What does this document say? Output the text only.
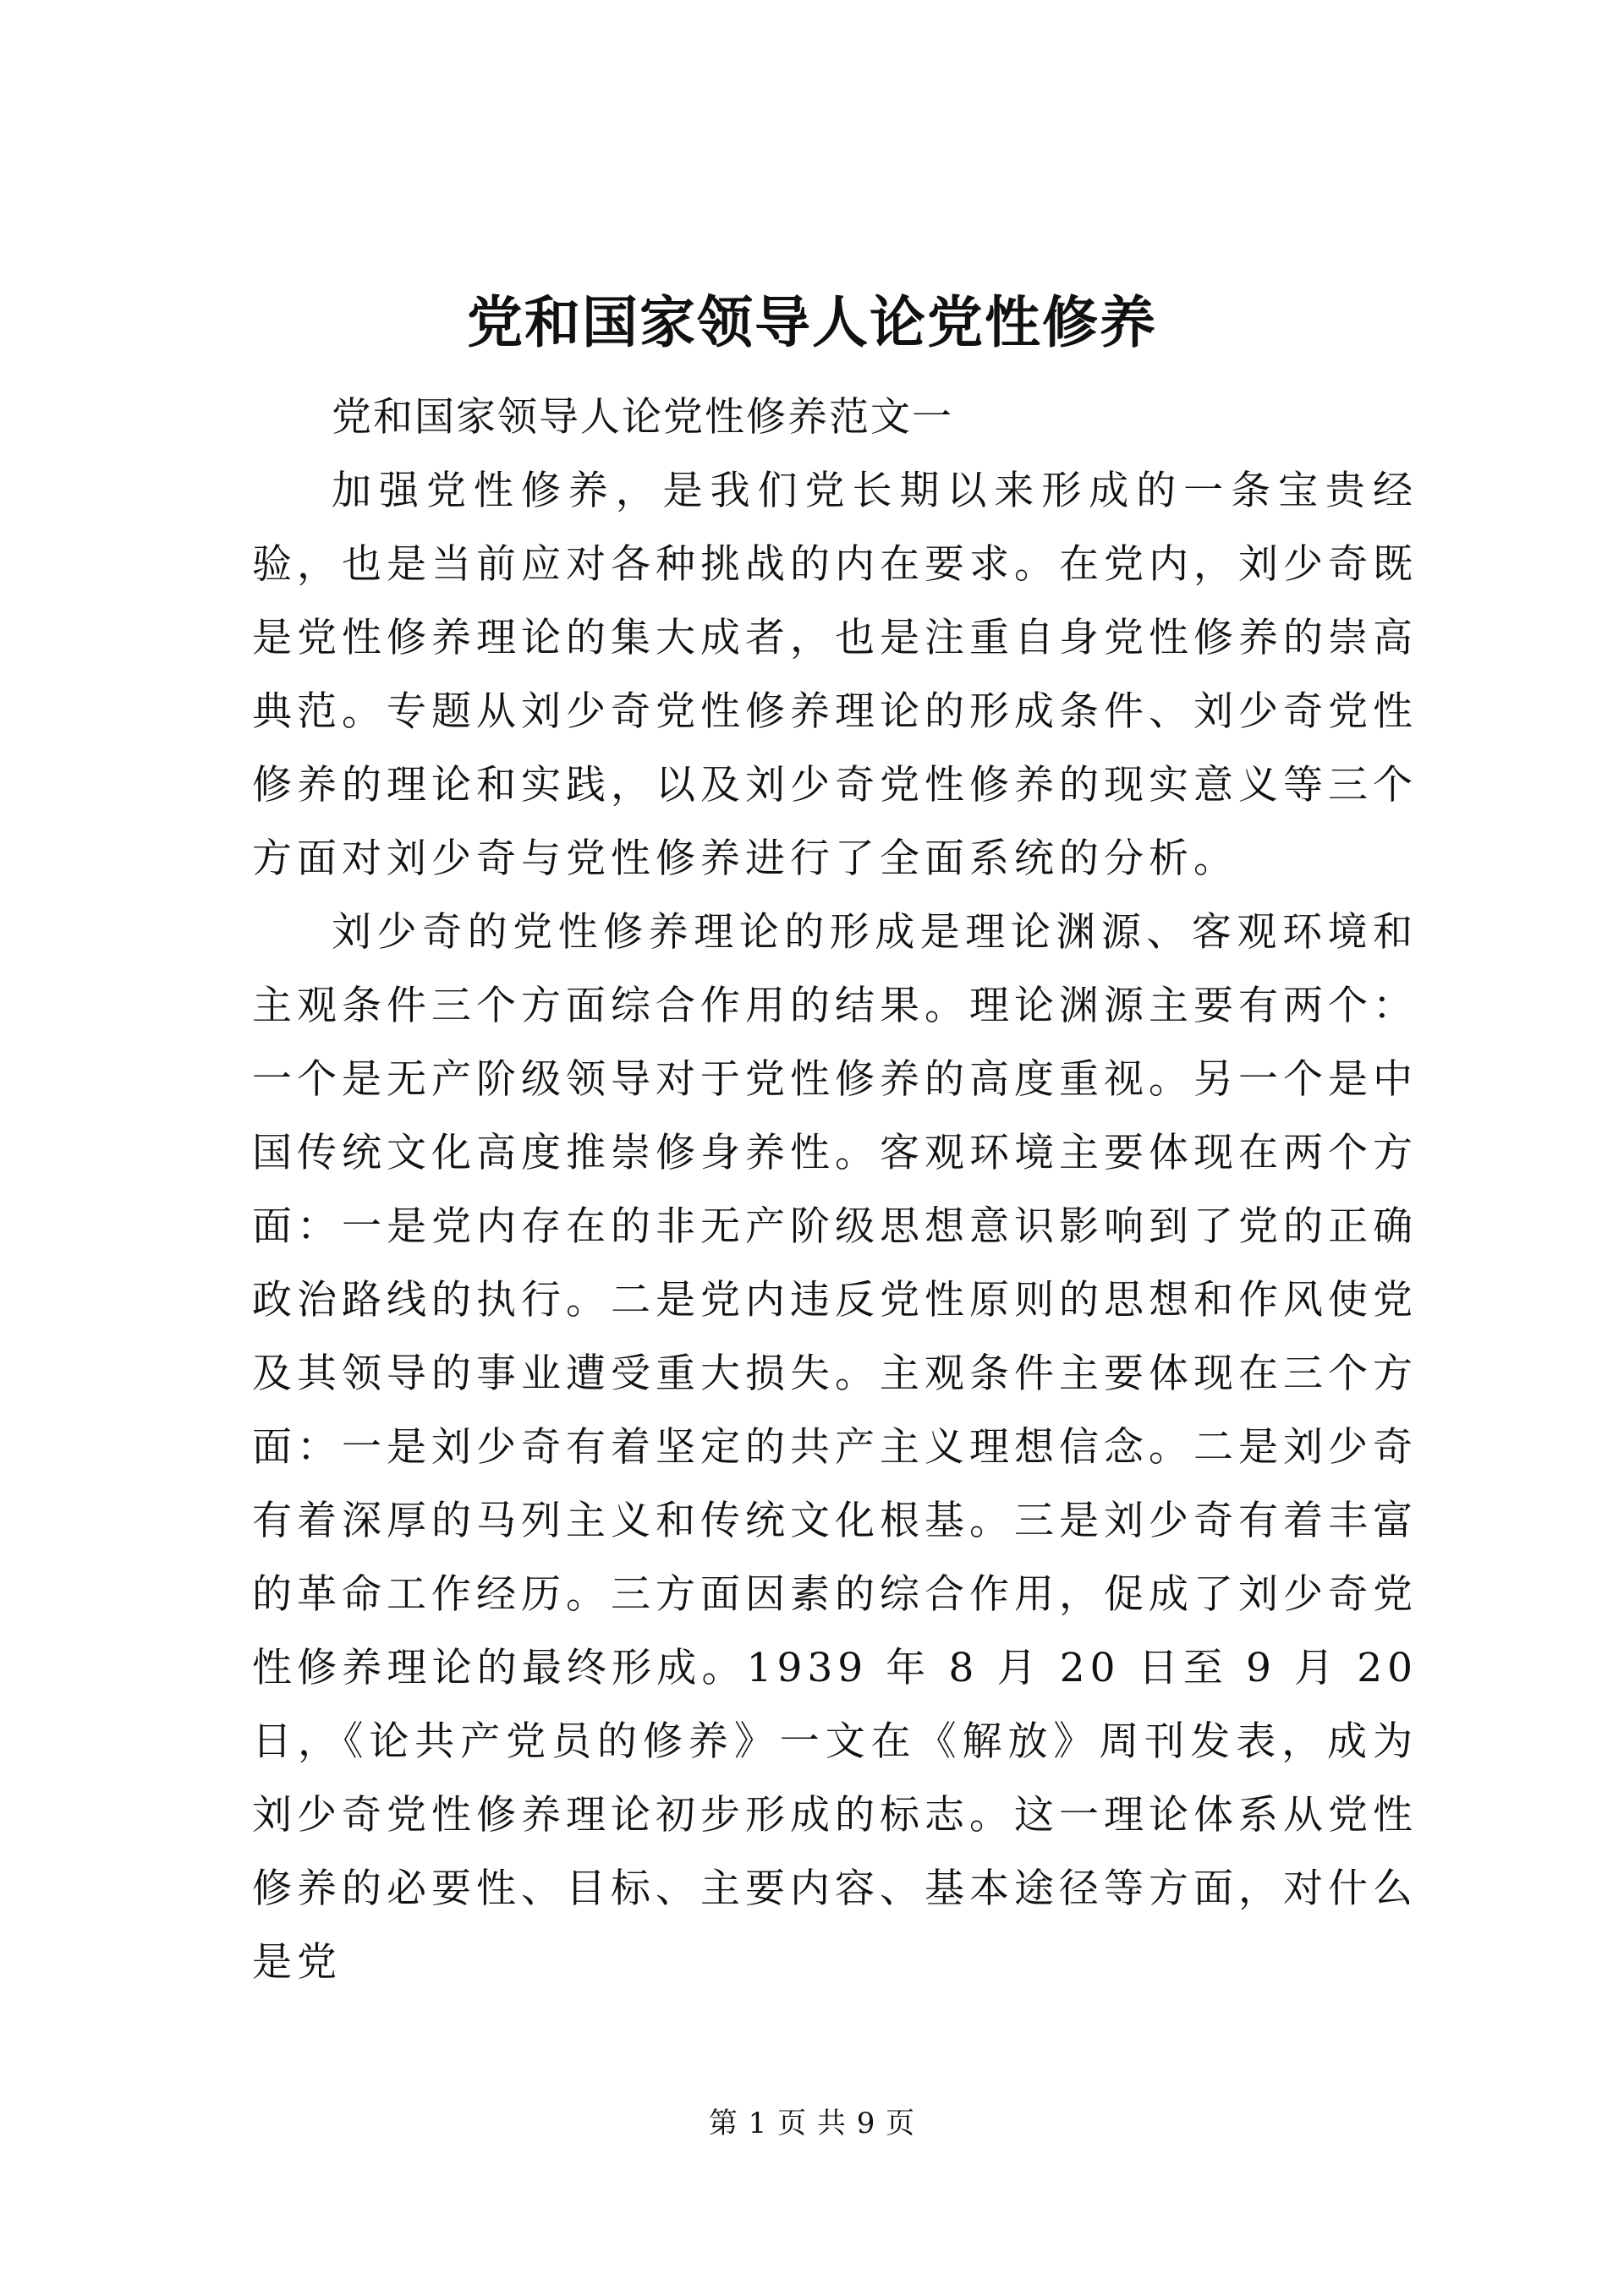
党和国家领导人论党性修养

党和国家领导人论党性修养范文一

加强党性修养，是我们党长期以来形成的一条宝贵经验，也是当前应对各种挑战的内在要求。在党内，刘少奇既是党性修养理论的集大成者，也是注重自身党性修养的崇高典范。专题从刘少奇党性修养理论的形成条件、刘少奇党性修养的理论和实践，以及刘少奇党性修养的现实意义等三个方面对刘少奇与党性修养进行了全面系统的分析。

刘少奇的党性修养理论的形成是理论渊源、客观环境和主观条件三个方面综合作用的结果。理论渊源主要有两个：一个是无产阶级领导对于党性修养的高度重视。另一个是中国传统文化高度推崇修身养性。客观环境主要体现在两个方面：一是党内存在的非无产阶级思想意识影响到了党的正确政治路线的执行。二是党内违反党性原则的思想和作风使党及其领导的事业遭受重大损失。主观条件主要体现在三个方面：一是刘少奇有着坚定的共产主义理想信念。二是刘少奇有着深厚的马列主义和传统文化根基。三是刘少奇有着丰富的革命工作经历。三方面因素的综合作用，促成了刘少奇党性修养理论的最终形成。1939 年 8 月 20 日至 9 月 20 日，《论共产党员的修养》一文在《解放》周刊发表，成为刘少奇党性修养理论初步形成的标志。这一理论体系从党性修养的必要性、目标、主要内容、基本途径等方面，对什么是党

第 1 页 共 9 页
